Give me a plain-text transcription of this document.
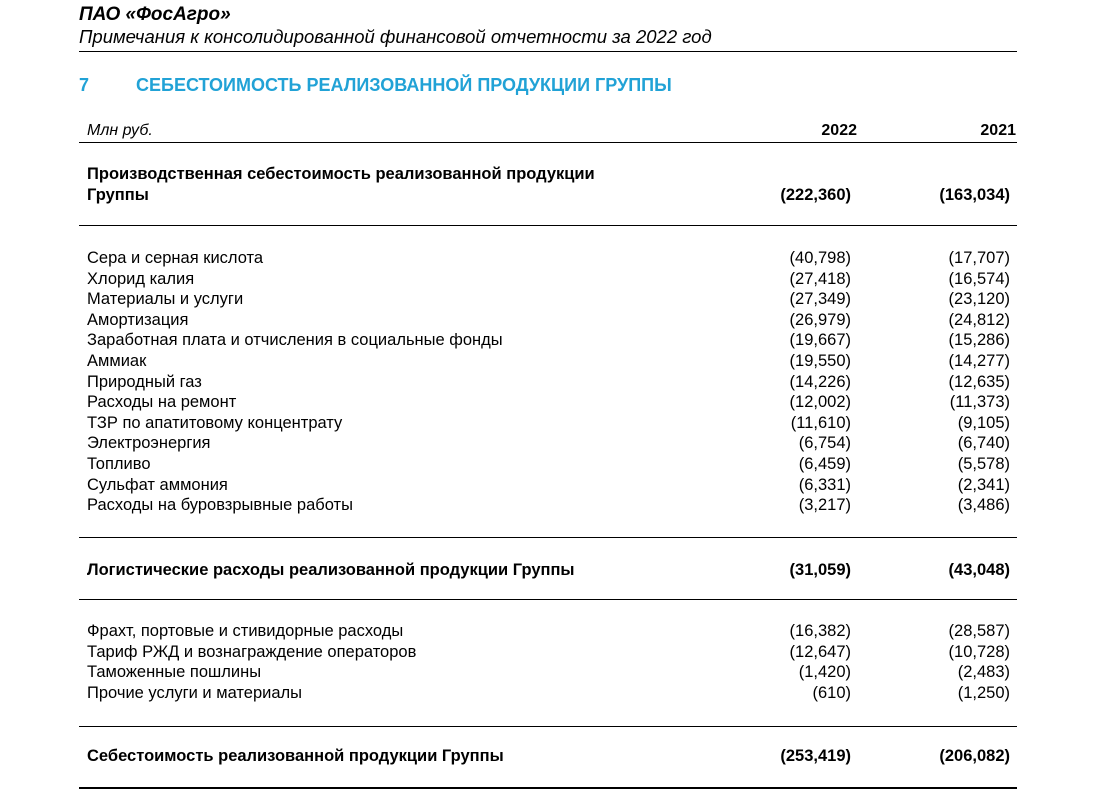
ПАО «ФосАгро»
Примечания к консолидированной финансовой отчетности за 2022 год
7	СЕБЕСТОИМОСТЬ РЕАЛИЗОВАННОЙ ПРОДУКЦИИ ГРУППЫ
Млн руб.	2022	2021
Производственная себестоимость реализованной продукции
Группы	(222,360)	(163,034)
Сера и серная кислота	(40,798)	(17,707)
Хлорид калия	(27,418)	(16,574)
Материалы и услуги	(27,349)	(23,120)
Амортизация	(26,979)	(24,812)
Заработная плата и отчисления в социальные фонды	(19,667)	(15,286)
Аммиак	(19,550)	(14,277)
Природный газ	(14,226)	(12,635)
Расходы на ремонт	(12,002)	(11,373)
ТЗР по апатитовому концентрату	(11,610)	(9,105)
Электроэнергия	(6,754)	(6,740)
Топливо	(6,459)	(5,578)
Сульфат аммония	(6,331)	(2,341)
Расходы на буровзрывные работы	(3,217)	(3,486)
Логистические расходы реализованной продукции Группы	(31,059)	(43,048)
Фрахт, портовые и стивидорные расходы	(16,382)	(28,587)
Тариф РЖД и вознаграждение операторов	(12,647)	(10,728)
Таможенные пошлины	(1,420)	(2,483)
Прочие услуги и материалы	(610)	(1,250)
Себестоимость реализованной продукции Группы	(253,419)	(206,082)
